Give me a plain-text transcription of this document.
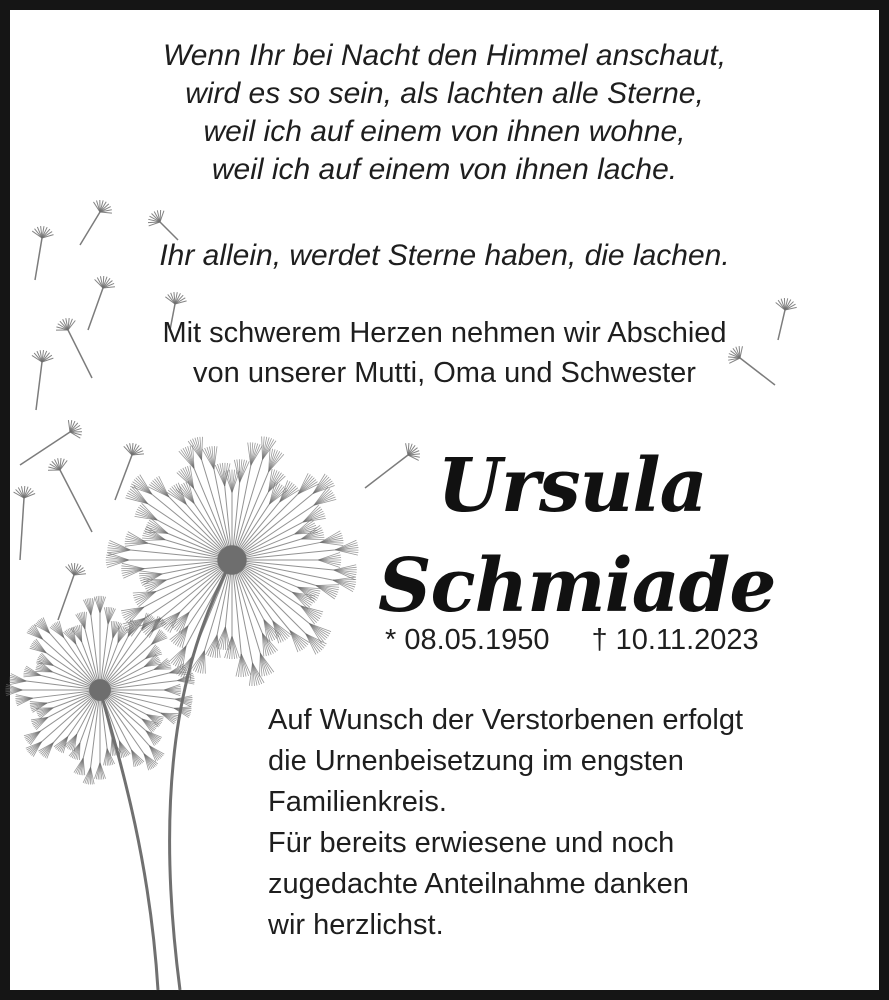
Wenn Ihr bei Nacht den Himmel anschaut,
wird es so sein, als lachten alle Sterne,
weil ich auf einem von ihnen wohne,
weil ich auf einem von ihnen lache.
Ihr allein, werdet Sterne haben, die lachen.
Mit schwerem Herzen nehmen wir Abschied
von unserer Mutti, Oma und Schwester
Ursula
Schmiade
* 08.05.1950 † 10.11.2023
Auf Wunsch der Verstorbenen erfolgt
die Urnenbeisetzung im engsten
Familienkreis.
Für bereits erwiesene und noch
zugedachte Anteilnahme danken
wir herzlichst.
